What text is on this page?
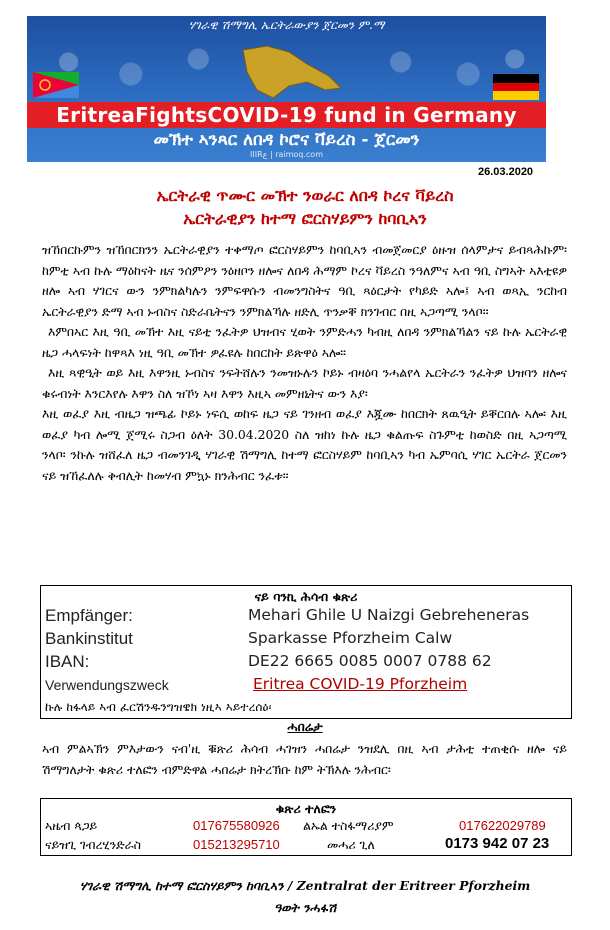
ሃገራዊ ሽማግሊ ኤርትራውያን ጀርመን ም.ማ
EritreaFightsCOVID-19 fund in Germany
መኽተ ኣንጻር ለበዳ ኮሮና ቫይረስ - ጀርመን
IIIRع | raimoq.com
26.03.2020
ኤርትራዊ ጥሙር መኽተ ንወራር ለበዳ ኮረና ቫይረስ
ኤርትራዊያን ከተማ ፎርስሃይምን ከባቢኣን

ዝኸበርኩምን ዝኸበርክንን ኤርትራዊያን ተቀማጦ ፎርስሃይምን ከባቢኣን ብመጀመርያ ዕዙዝ ሰላምታና ይብጻሕኩም፡ ከምቲ ኣብ ኩሉ ማዕከናት ዜና ንሰምዖን ንዕዘቦን ዘሎና ለበዳ ሕማም ኮረና ቫይረስ ንዓለምና ኣብ ዓቢ ስግኣት ኣእቲዩዎ ዘሎ ኣብ ሃገርና ውን ንምክልካሉን ንምፍዋሱን ብመንግስትና ዓቢ ጻዕርታት የካይድ ኣሎ፤ ኣብ ወጻኢ ንርከብ ኤርትራዊያን ድማ ኣብ ኑብስና ስድራቤትናን ንምክልኻሉ ዘድሊ ጥንቃቐ ክንገብር በዚ ኣጋጣሚ ንላቦ።

እምበኣር እዚ ዓቢ መኽተ እዚ ናይቲ ንፈትዎ ህዝብና ሂወት ንምድሓን ካብዚ ለበዳ ንምክልኻልን ናይ ኩሉ ኤርትራዊ ዜጋ ሓላፍነት ከዋጻእ ነዚ ዓቢ መኽተ ዎፈዩሉ ከበርከት ይጽዋዕ ኣሎ።

እዚ ጻዊዒት ወይ እዚ እዋንዚ ኑብስና ንፍትሸሉን ንመዝኑሉን ኮይኑ ብዛዕባ ንሓልየላ ኤርትራን ንፈትዎ ህዝባን ዘሎና ቁሩብነት እንርእየሉ እዋን ስለ ዝኾነ ኣዛ እዋን እዚኣ መምዘኒትና ውን እያ፡

እዚ ወፈያ እዚ ብዜጋ ዝጫፊ ኮይኑ ነፍሲ ወከፍ ዜጋ ናይ ገንዘብ ወፈያ እጇሙ ከበርክት ጸዉዒት ይቐርበሉ ኣሎ፡ እዚ ወፈያ ካብ ሎሚ ጀሚሩ ስጋብ ዕለት 30.04.2020 ስለ ዝከነ ኩሉ ዜጋ ቁልጡፍ ስጉምቲ ከወስድ በዚ ኣጋጣሚ ንላቦ፡ ንኩሉ ዝሸፈለ ዜጋ ብመንገዲ ሃገራዊ ሽማግሊ ከተማ ፎርስሃይም ከባቢኣን ካብ ኤምባሲ ሃገር ኤርትራ ጀርመን ናይ ዝኸፈለሉ ቅብሊት ከመሃብ ምኳኑ ክንሕብር ንፈቱ፡፡

ናይ ባንኪ ሕሳብ ቁጽሪ
Empfänger:	Mehari Ghile U Naizgi Gebreheneras
Bankinstitut	Sparkasse Pforzheim Calw
IBAN:	DE22 6665 0085 0007 0788 62
Verwendungszweck	Eritrea COVID-19 Pforzheim
ኩሉ ከፋላይ ኣብ ፈርሽንዱንግዝዌክ ነዚኣ ኣይተረሰዕ፡
ሓበሬታ
ኣብ ምልኣኽን ምእታውን ናብ'ዚ ቑጽሪ ሕሳብ ሓገዝን ሓበሬታ ንዝደሊ በዚ ኣብ ታሕቲ ተጠቂሱ ዘሎ ናይ ሽማግለታት ቁጽሪ ተለፎን ብምድዋል ሓበሬታ ክትረኽቡ ከም ትኽእሉ ንሕብር፡
ቁጽሪ ተለፎን
ኣዜብ ጳጋይ	017675580926 ልኡል ተስፋማሪያም	017622029789
ናይዝጊ ገብረሂንድራስ	015213295710	መሓሪ ጊለ	0173 942 07 23
ሃገራዊ ሽማግሊ ከተማ ፎርስሃይምን ከባቢኣን / Zentralrat der Eritreer Pforzheim
ዓወት ንሓፋሽ
